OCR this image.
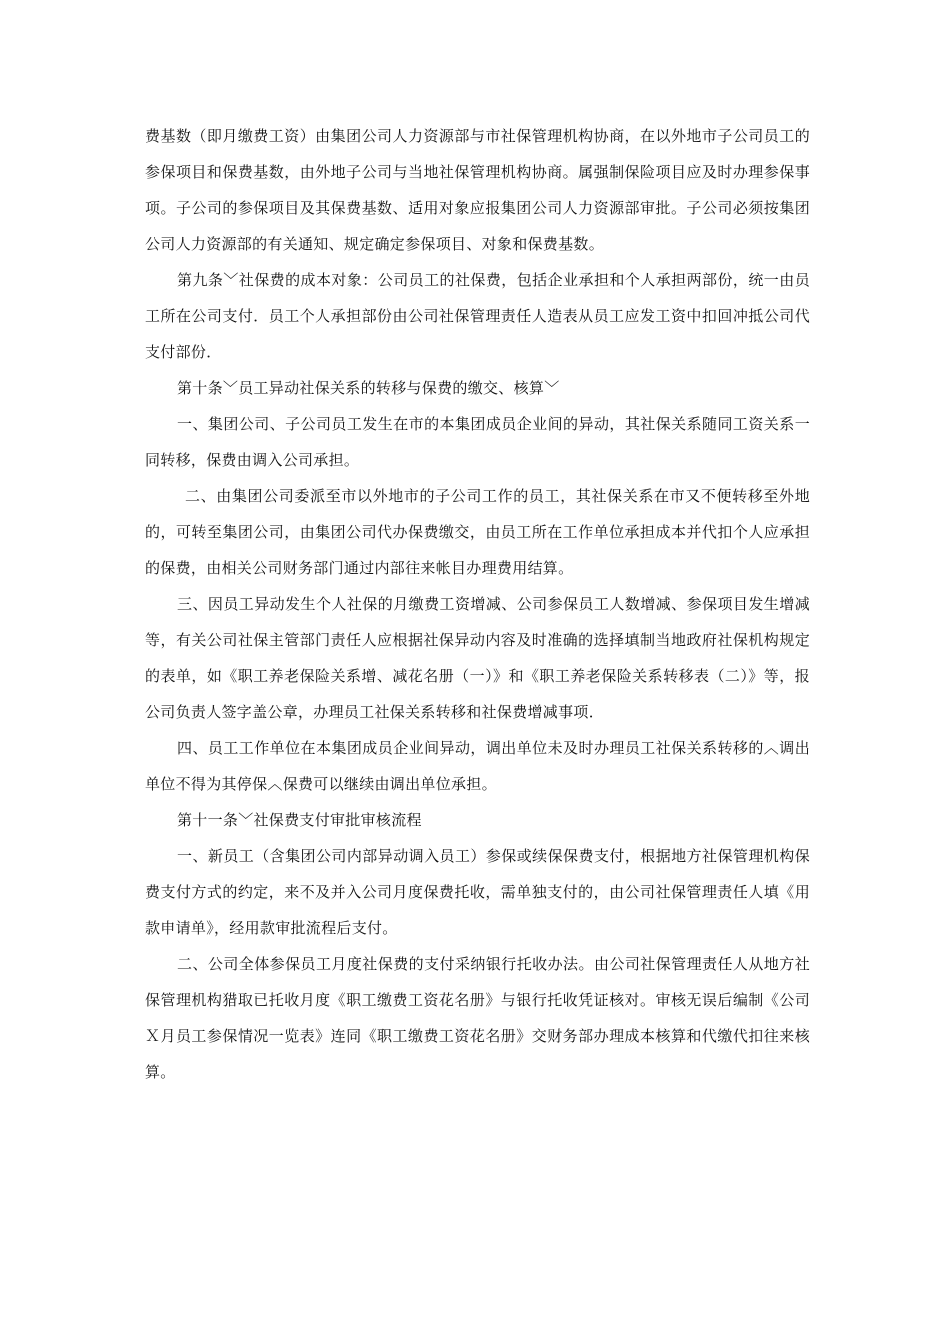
费基数（即月缴费工资）由集团公司人力资源部与市社保管理机构协商，在以外地市子公司员工的参保项目和保费基数，由外地子公司与当地社保管理机构协商。属强制保险项目应及时办理参保事项。子公司的参保项目及其保费基数、适用对象应报集团公司人力资源部审批。子公司必须按集团公司人力资源部的有关通知、规定确定参保项目、对象和保费基数。

第九条﹀社保费的成本对象：公司员工的社保费，包括企业承担和个人承担两部份，统一由员工所在公司支付．员工个人承担部份由公司社保管理责任人造表从员工应发工资中扣回冲抵公司代支付部份．

第十条﹀员工异动社保关系的转移与保费的缴交、核算﹀

一、集团公司、子公司员工发生在市的本集团成员企业间的异动，其社保关系随同工资关系一同转移，保费由调入公司承担。

二、由集团公司委派至市以外地市的子公司工作的员工，其社保关系在市又不便转移至外地的，可转至集团公司，由集团公司代办保费缴交，由员工所在工作单位承担成本并代扣个人应承担的保费，由相关公司财务部门通过内部往来帐目办理费用结算。

三、因员工异动发生个人社保的月缴费工资增减、公司参保员工人数增减、参保项目发生增减等，有关公司社保主管部门责任人应根据社保异动内容及时准确的选择填制当地政府社保机构规定的表单，如《职工养老保险关系增、减花名册（一）》和《职工养老保险关系转移表（二）》等，报公司负责人签字盖公章，办理员工社保关系转移和社保费增减事项．

四、员工工作单位在本集团成员企业间异动，调出单位未及时办理员工社保关系转移的︿调出单位不得为其停保︿保费可以继续由调出单位承担。

第十一条﹀社保费支付审批审核流程

一、新员工（含集团公司内部异动调入员工）参保或续保保费支付，根据地方社保管理机构保费支付方式的约定，来不及并入公司月度保费托收，需单独支付的，由公司社保管理责任人填《用款申请单》，经用款审批流程后支付。

二、公司全体参保员工月度社保费的支付采纳银行托收办法。由公司社保管理责任人从地方社保管理机构猎取已托收月度《职工缴费工资花名册》与银行托收凭证核对。审核无误后编制《公司Ｘ月员工参保情况一览表》连同《职工缴费工资花名册》交财务部办理成本核算和代缴代扣往来核算。
